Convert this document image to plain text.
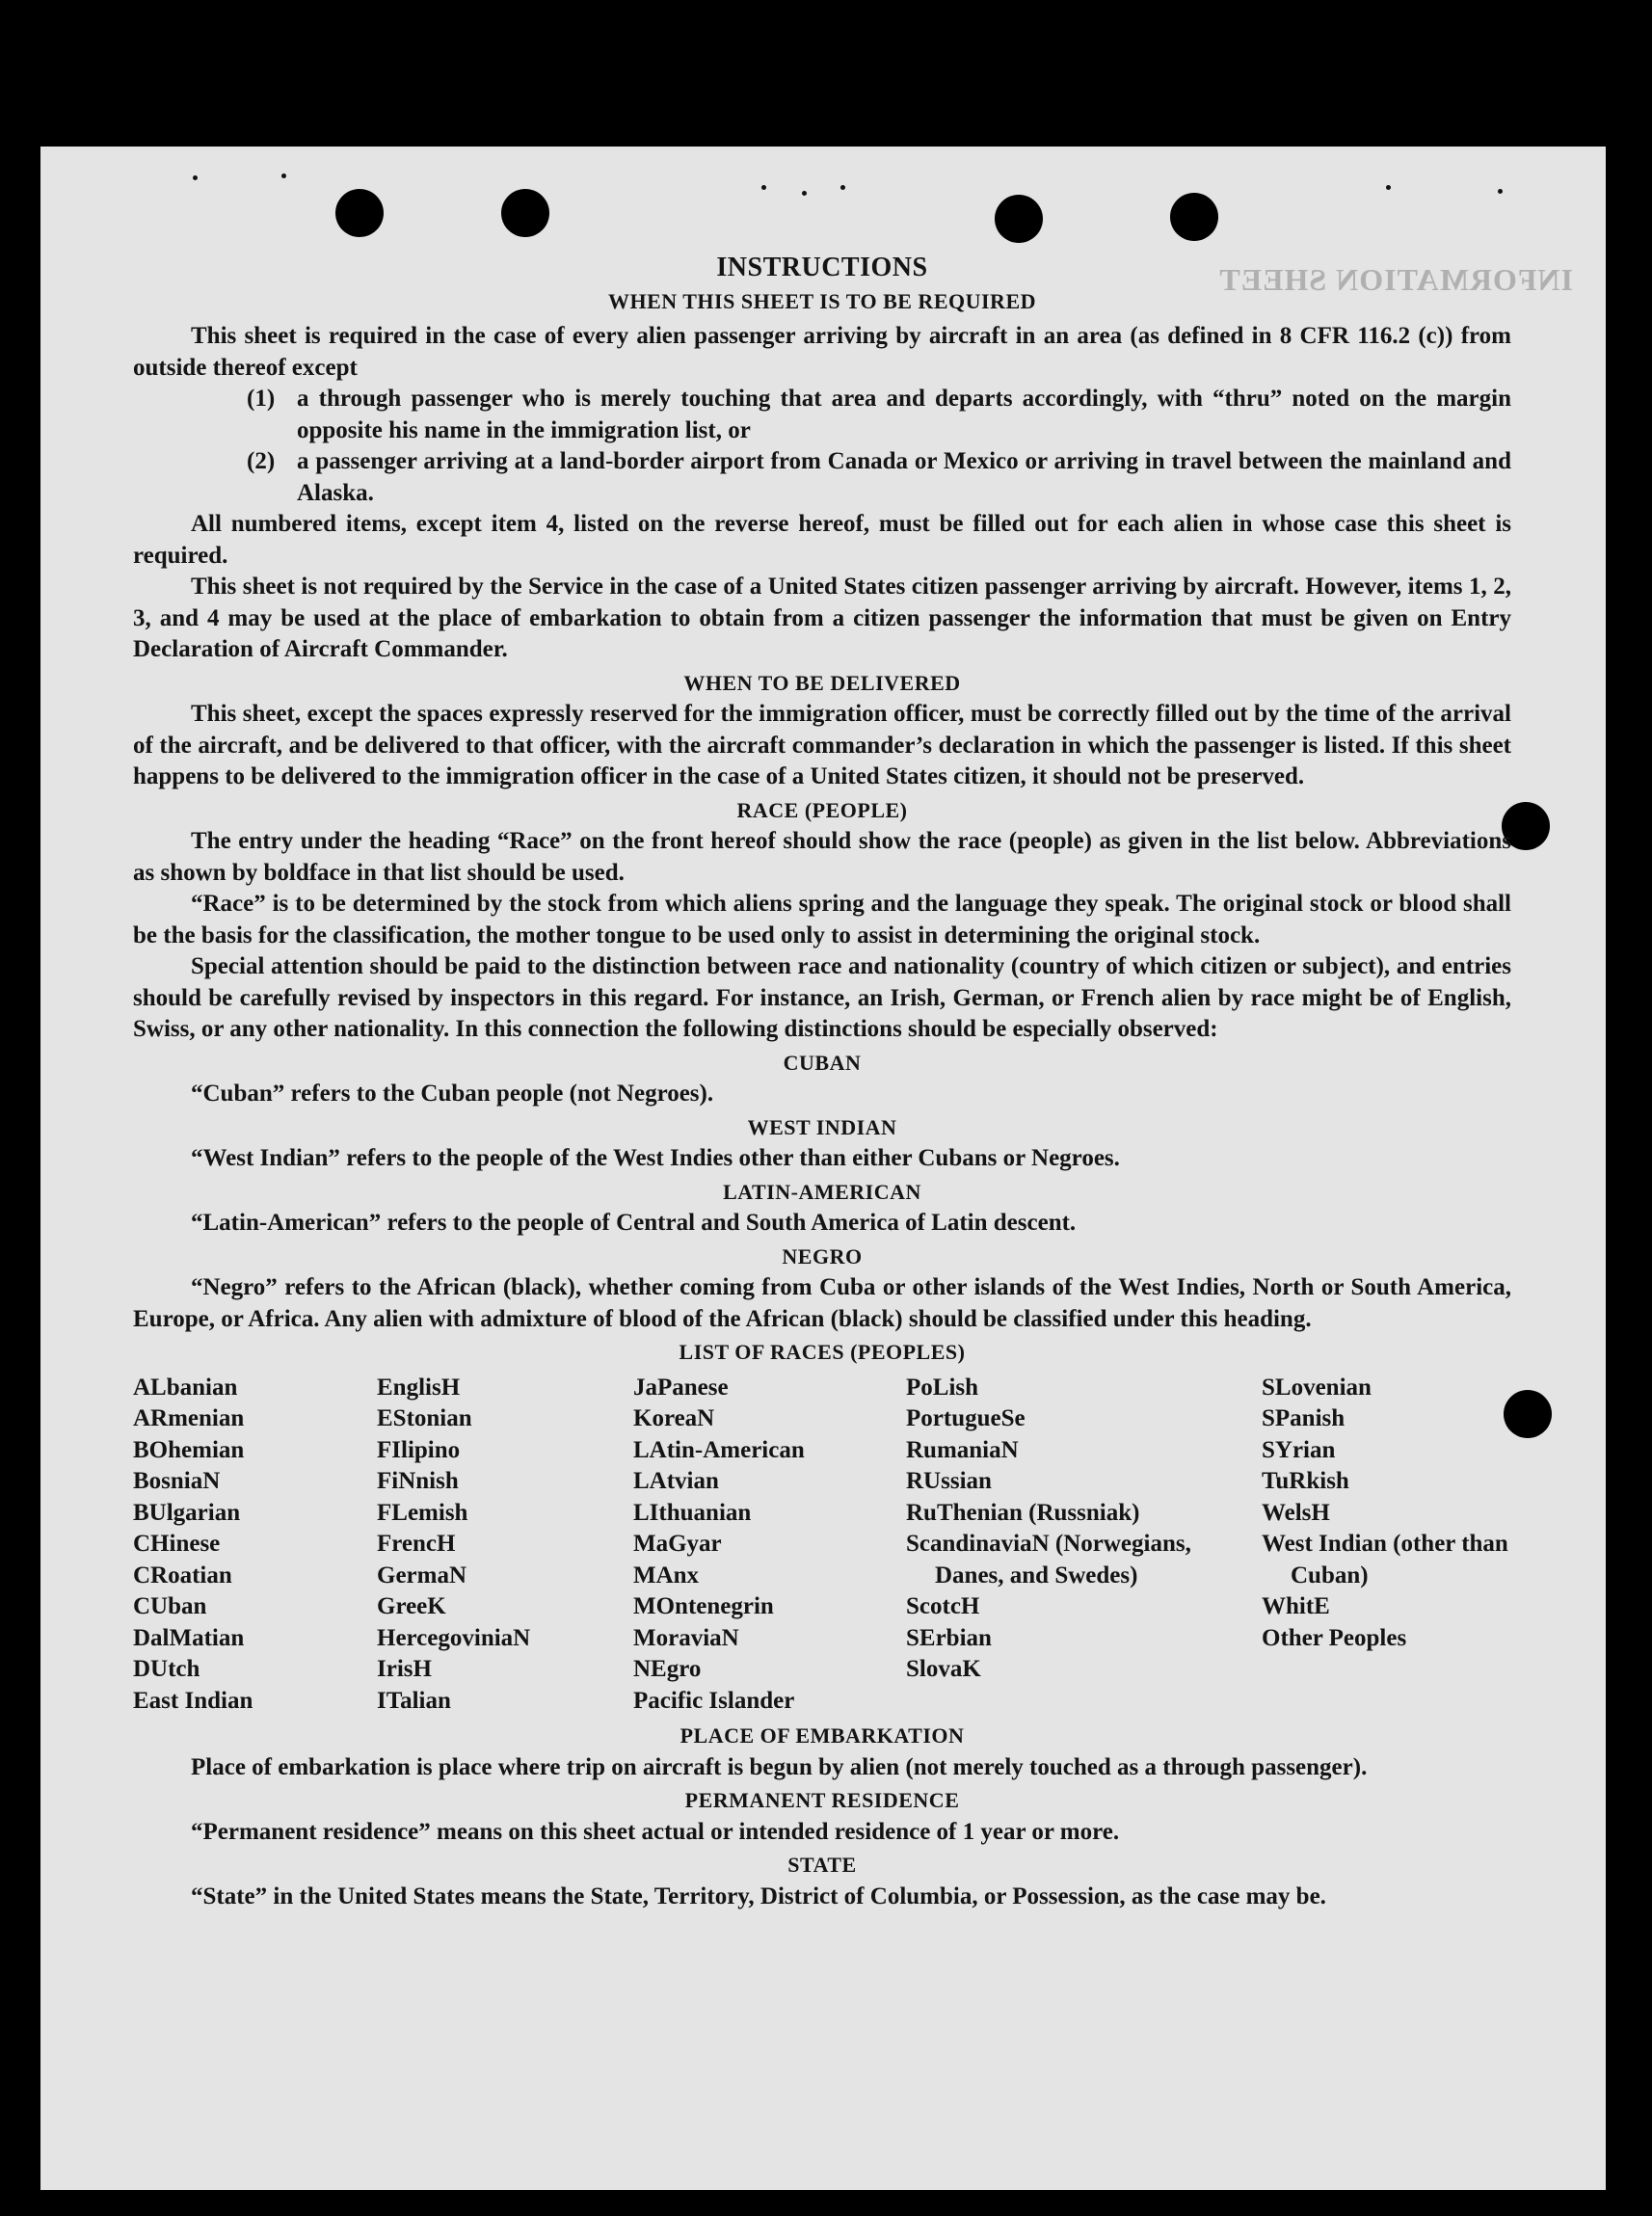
INFORMATION SHEET
INSTRUCTIONS
WHEN THIS SHEET IS TO BE REQUIRED

This sheet is required in the case of every alien passenger arriving by aircraft in an area (as defined in 8 CFR 116.2 (c)) from outside thereof except

(1) a through passenger who is merely touching that area and departs accordingly, with “thru” noted on the margin opposite his name in the immigration list, or
(2) a passenger arriving at a land-border airport from Canada or Mexico or arriving in travel between the mainland and Alaska.

All numbered items, except item 4, listed on the reverse hereof, must be filled out for each alien in whose case this sheet is required.

This sheet is not required by the Service in the case of a United States citizen passenger arriving by aircraft. However, items 1, 2, 3, and 4 may be used at the place of embarkation to obtain from a citizen passenger the information that must be given on Entry Declaration of Aircraft Commander.

WHEN TO BE DELIVERED

This sheet, except the spaces expressly reserved for the immigration officer, must be correctly filled out by the time of the arrival of the aircraft, and be delivered to that officer, with the aircraft commander’s declaration in which the passenger is listed. If this sheet happens to be delivered to the immigration officer in the case of a United States citizen, it should not be preserved.

RACE (PEOPLE)

The entry under the heading “Race” on the front hereof should show the race (people) as given in the list below. Abbreviations as shown by boldface in that list should be used.

“Race” is to be determined by the stock from which aliens spring and the language they speak. The original stock or blood shall be the basis for the classification, the mother tongue to be used only to assist in determining the original stock.

Special attention should be paid to the distinction between race and nationality (country of which citizen or subject), and entries should be carefully revised by inspectors in this regard. For instance, an Irish, German, or French alien by race might be of English, Swiss, or any other nationality. In this connection the following distinctions should be especially observed:

CUBAN

“Cuban” refers to the Cuban people (not Negroes).

WEST INDIAN

“West Indian” refers to the people of the West Indies other than either Cubans or Negroes.

LATIN-AMERICAN

“Latin-American” refers to the people of Central and South America of Latin descent.

NEGRO

“Negro” refers to the African (black), whether coming from Cuba or other islands of the West Indies, North or South America, Europe, or Africa. Any alien with admixture of blood of the African (black) should be classified under this heading.

LIST OF RACES (PEOPLES)
ALbanian
ARmenian
BOhemian
BosniaN
BUlgarian
CHinese
CRoatian
CUban
DalMatian
DUtch
East Indian
EnglisH
EStonian
FIlipino
FiNnish
FLemish
FrencH
GermaN
GreeK
HercegoviniaN
IrisH
ITalian
JaPanese
KoreaN
LAtin-American
LAtvian
LIthuanian
MaGyar
MAnx
MOntenegrin
MoraviaN
NEgro
Pacific Islander
PoLish
PortugueSe
RumaniaN
RUssian
RuThenian (Russniak)
ScandinaviaN (Norwegians, Danes, and Swedes)
ScotcH
SErbian
SlovaK
SLovenian
SPanish
SYrian
TuRkish
WelsH
West Indian (other than Cuban)
WhitE
Other Peoples
PLACE OF EMBARKATION

Place of embarkation is place where trip on aircraft is begun by alien (not merely touched as a through passenger).

PERMANENT RESIDENCE

“Permanent residence” means on this sheet actual or intended residence of 1 year or more.

STATE

“State” in the United States means the State, Territory, District of Columbia, or Possession, as the case may be.
